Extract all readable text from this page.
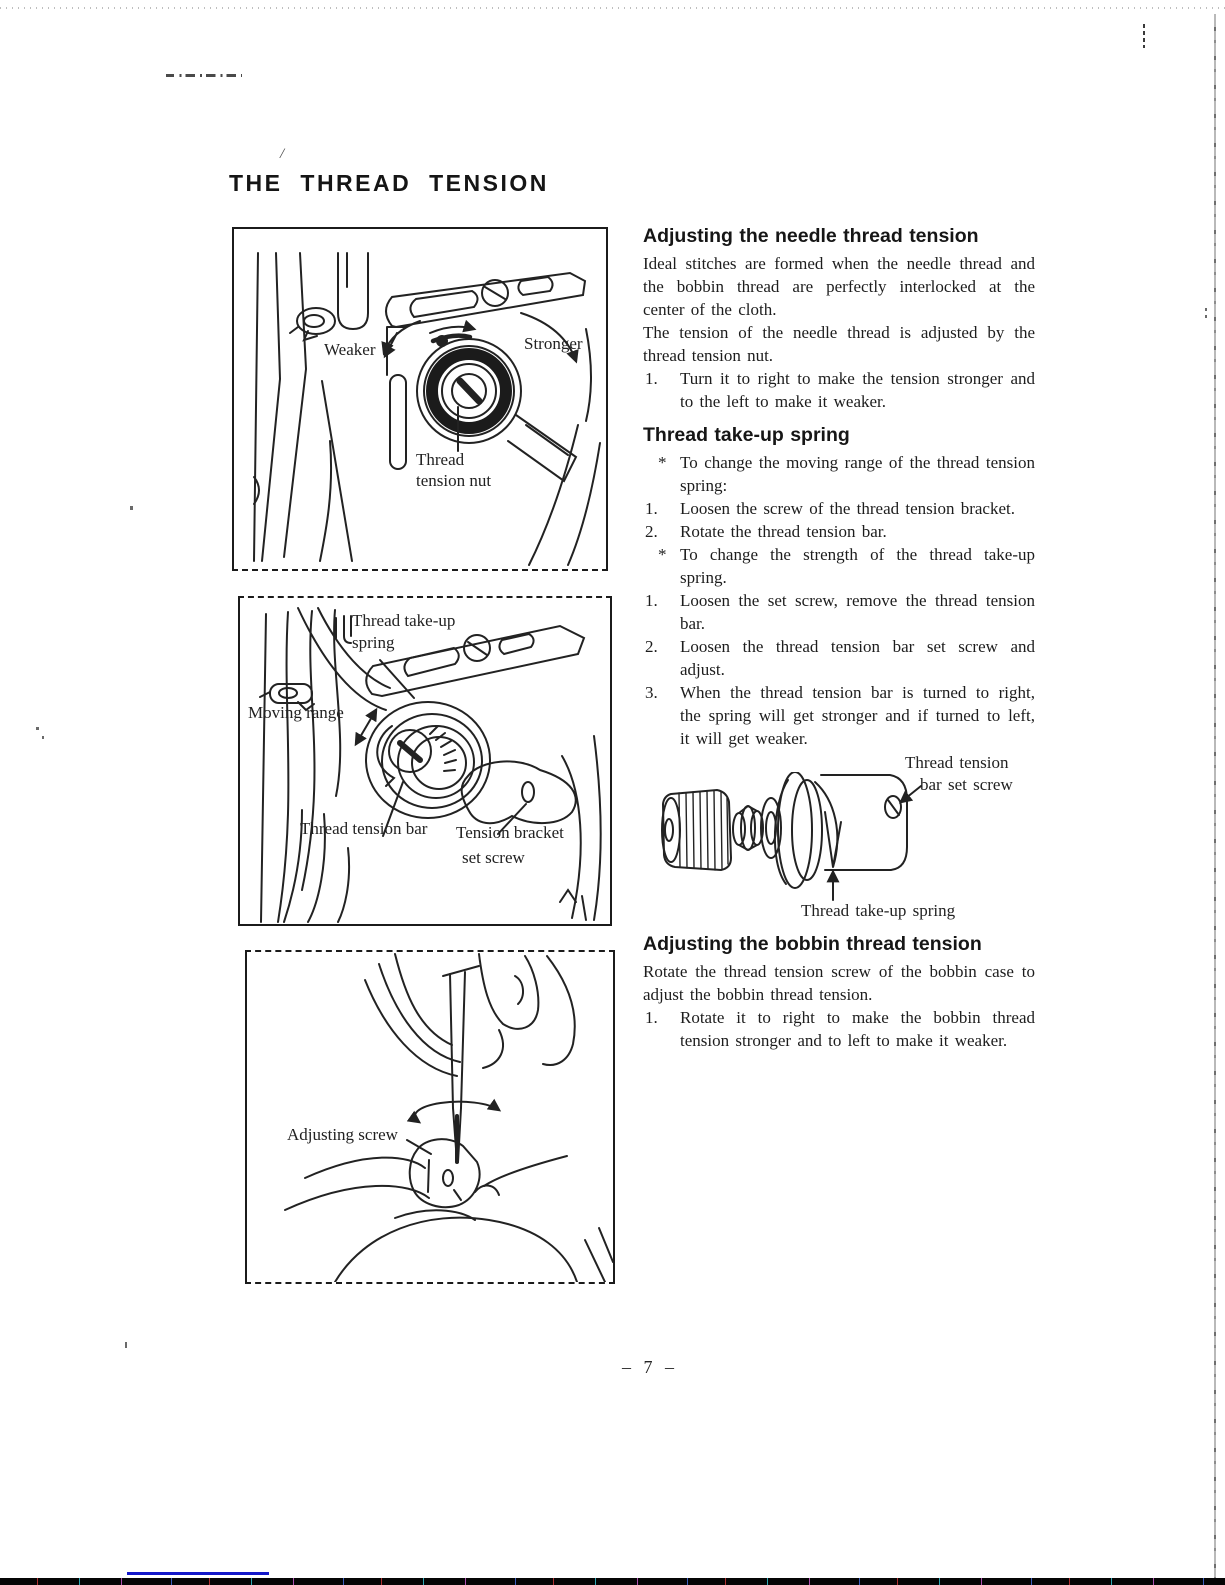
/
THE THREAD TENSION
Weaker	Stronger
Thread
tension nut
Thread take-up
spring
Moving range
Thread tension bar Tension bracket
set screw
Adjusting screw
Adjusting the needle thread tension

Ideal stitches are formed when the needle thread and the bobbin thread are perfectly interlocked at the center of the cloth.

The tension of the needle thread is adjusted by the thread tension nut.

1. Turn it to right to make the tension stronger and to the left to make it weaker.
Thread take-up spring
* To change the moving range of the thread tension spring:
1. Loosen the screw of the thread tension bracket.
2. Rotate the thread tension bar.
* To change the strength of the thread take-up spring.
1. Loosen the set screw, remove the thread tension bar.
2. Loosen the thread tension bar set screw and adjust.
3. When the thread tension bar is turned to right, the spring will get stronger and if turned to left, it will get weaker.
Thread tension
bar set screw
Thread take-up spring
Adjusting the bobbin thread tension

Rotate the thread tension screw of the bobbin case to adjust the bobbin thread tension.

1. Rotate it to right to make the bobbin thread tension stronger and to left to make it weaker.
– 7 –
